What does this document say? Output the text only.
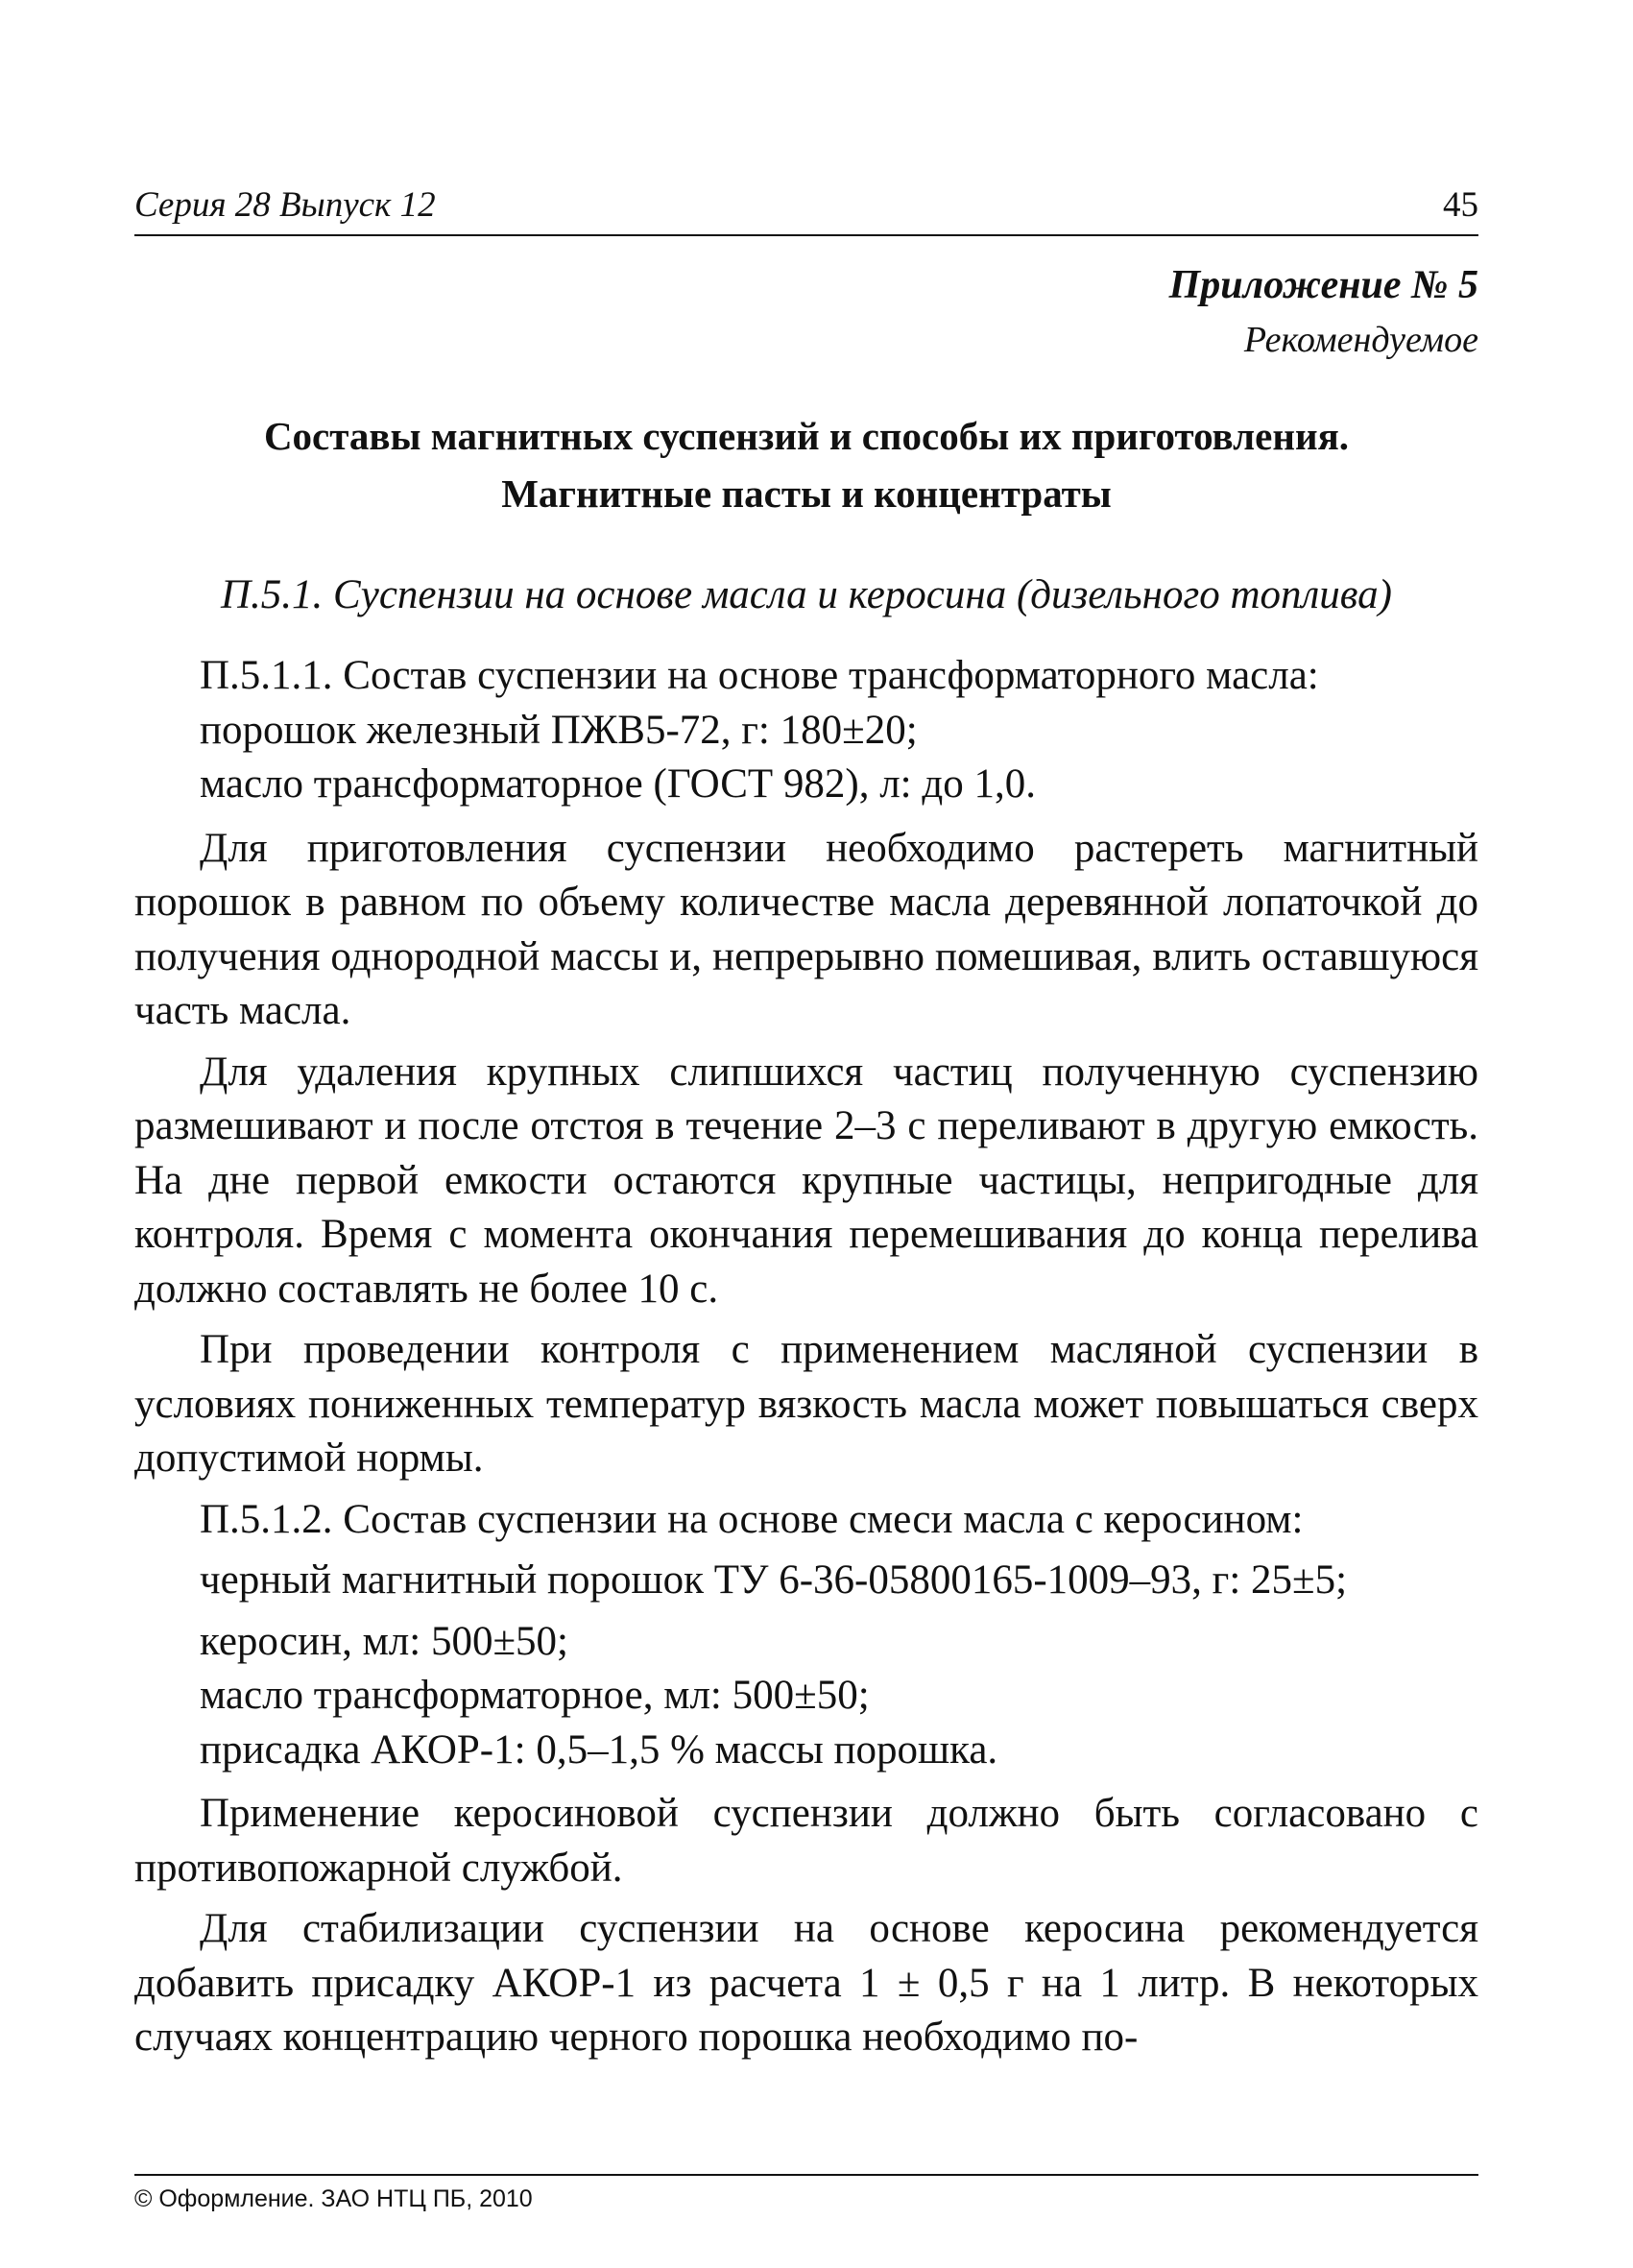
Серия 28 Выпуск 12	45
Приложение № 5
Рекомендуемое
Составы магнитных суспензий и способы их приготовления.
Магнитные пасты и концентраты
П.5.1. Суспензии на основе масла и керосина (дизельного топлива)

П.5.1.1. Состав суспензии на основе трансформаторного масла:

порошок железный ПЖВ5-72, г: 180±20;

масло трансформаторное (ГОСТ 982), л: до 1,0.

Для приготовления суспензии необходимо растереть магнитный порошок в равном по объему количестве масла деревянной лопаточкой до получения однородной массы и, непрерывно помешивая, влить оставшуюся часть масла.

Для удаления крупных слипшихся частиц полученную суспензию размешивают и после отстоя в течение 2–3 с переливают в другую емкость. На дне первой емкости остаются крупные частицы, непригодные для контроля. Время с момента окончания перемешивания до конца перелива должно составлять не более 10 с.

При проведении контроля с применением масляной суспензии в условиях пониженных температур вязкость масла может повышаться сверх допустимой нормы.

П.5.1.2. Состав суспензии на основе смеси масла с керосином:

черный магнитный порошок ТУ 6-36-05800165-1009–93, г: 25±5;

керосин, мл: 500±50;

масло трансформаторное, мл: 500±50;

присадка АКОР-1: 0,5–1,5 % массы порошка.

Применение керосиновой суспензии должно быть согласовано с противопожарной службой.

Для стабилизации суспензии на основе керосина рекомендуется добавить присадку АКОР-1 из расчета 1 ± 0,5 г на 1 литр. В некоторых случаях концентрацию черного порошка необходимо по-

© Оформление. ЗАО НТЦ ПБ, 2010
